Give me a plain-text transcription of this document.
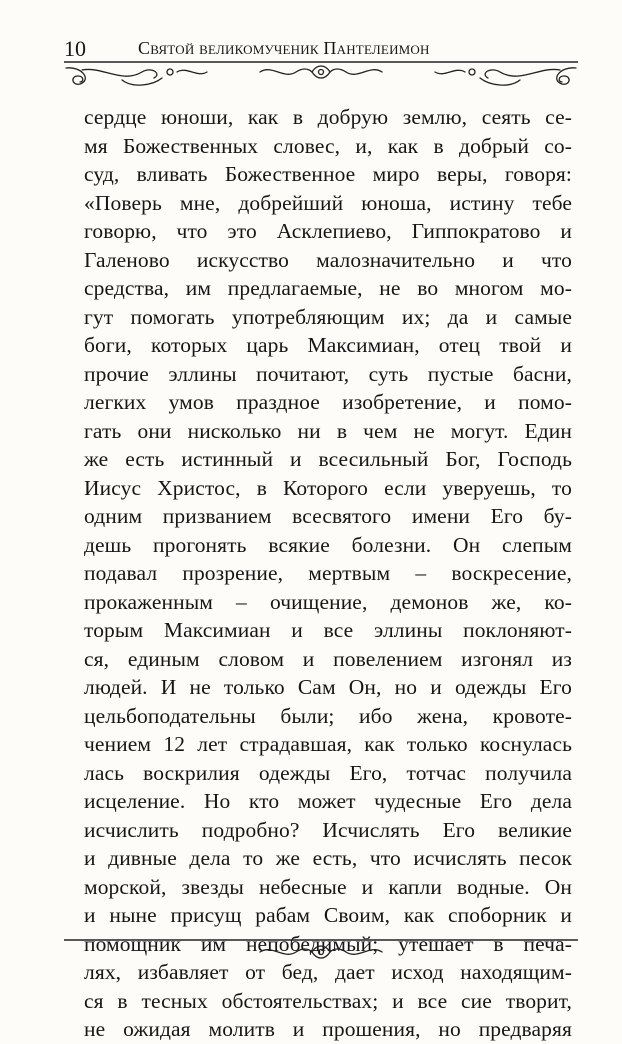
10	Святой великомученик Пантелеимон
сердце юноши, как в добрую землю, сеять се-
мя Божественных словес, и, как в добрый со-
суд, вливать Божественное миро веры, говоря:
«Поверь мне, добрейший юноша, истину тебе
говорю, что это Асклепиево, Гиппократово и
Галеново искусство малозначительно и что
средства, им предлагаемые, не во многом мо-
гут помогать употребляющим их; да и самые
боги, которых царь Максимиан, отец твой и
прочие эллины почитают, суть пустые басни,
легких умов праздное изобретение, и помо-
гать они нисколько ни в чем не могут. Един
же есть истинный и всесильный Бог, Господь
Иисус Христос, в Которого если уверуешь, то
одним призванием всесвятого имени Его бу-
дешь прогонять всякие болезни. Он слепым
подавал прозрение, мертвым – воскресение,
прокаженным – очищение, демонов же, ко-
торым Максимиан и все эллины поклоняют-
ся, единым словом и повелением изгонял из
людей. И не только Сам Он, но и одежды Его
цельбоподательны были; ибо жена, кровоте-
чением 12 лет страдавшая, как только коснулась
лась воскрилия одежды Его, тотчас получила
исцеление. Но кто может чудесные Его дела
исчислить подробно? Исчислять Его великие
и дивные дела то же есть, что исчислять песок
морской, звезды небесные и капли водные. Он
и ныне присущ рабам Своим, как споборник и
помощник им непобедимый; утешает в печа-
лях, избавляет от бед, дает исход находящим-
ся в тесных обстоятельствах; и все сие творит,
не ожидая молитв и прошения, но предваряя
